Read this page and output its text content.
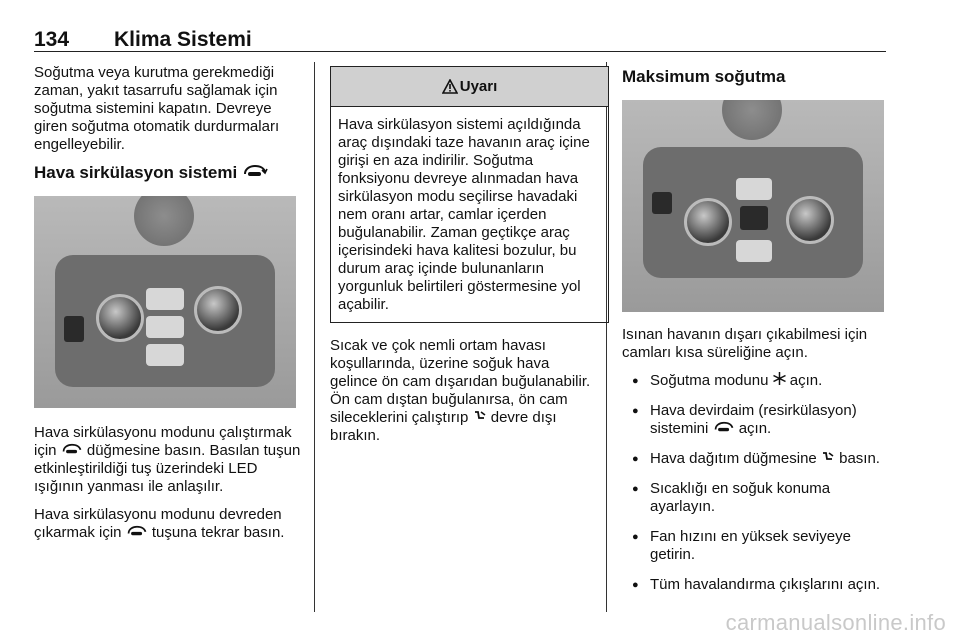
134 Klima Sistemi

Soğutma veya kurutma gerekmediği zaman, yakıt tasarrufu sağlamak için soğutma sistemini kapatın. Devreye giren soğutma otomatik durdurmaları engelleyebilir.

Hava sirkülasyon sistemi

Hava sirkülasyonu modunu çalıştırmak için düğmesine basın. Basılan tuşun etkinleştirildiği tuş üzerindeki LED ışığının yanması ile anlaşılır.

Hava sirkülasyonu modunu devreden çıkarmak için tuşuna tekrar basın.

Uyarı
Hava sirkülasyon sistemi açıldığında araç dışındaki taze havanın araç içine girişi en aza indirilir. Soğutma fonksiyonu devreye alınmadan hava sirkülasyon modu seçilirse havadaki nem oranı artar, camlar içerden buğulanabilir. Zaman geçtikçe araç içerisindeki hava kalitesi bozulur, bu durum araç içinde bulunanların yorgunluk belirtileri göstermesine yol açabilir.

Sıcak ve çok nemli ortam havası koşullarında, üzerine soğuk hava gelince ön cam dışarıdan buğulanabilir. Ön cam dıştan buğulanırsa, ön cam sileceklerini çalıştırıp devre dışı bırakın.

Maksimum soğutma

Isınan havanın dışarı çıkabilmesi için camları kısa süreliğine açın.

● Soğutma modunu açın.
● Hava devirdaim (resirkülasyon) sistemini açın.
● Hava dağıtım düğmesine basın.
● Sıcaklığı en soğuk konuma ayarlayın.
● Fan hızını en yüksek seviyeye getirin.
● Tüm havalandırma çıkışlarını açın.
carmanualsonline.info
